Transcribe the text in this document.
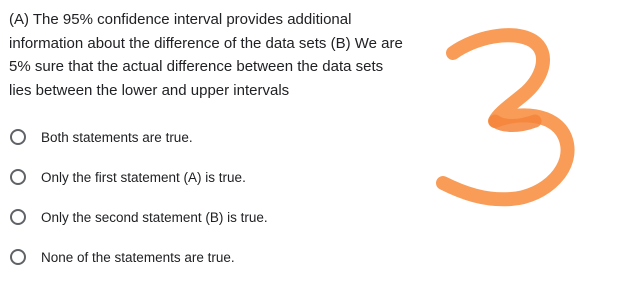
(A) The 95% confidence interval provides additional
information about the difference of the data sets (B) We are
5% sure that the actual difference between the data sets
lies between the lower and upper intervals
Both statements are true.
Only the first statement (A) is true.
Only the second statement (B) is true.
None of the statements are true.
